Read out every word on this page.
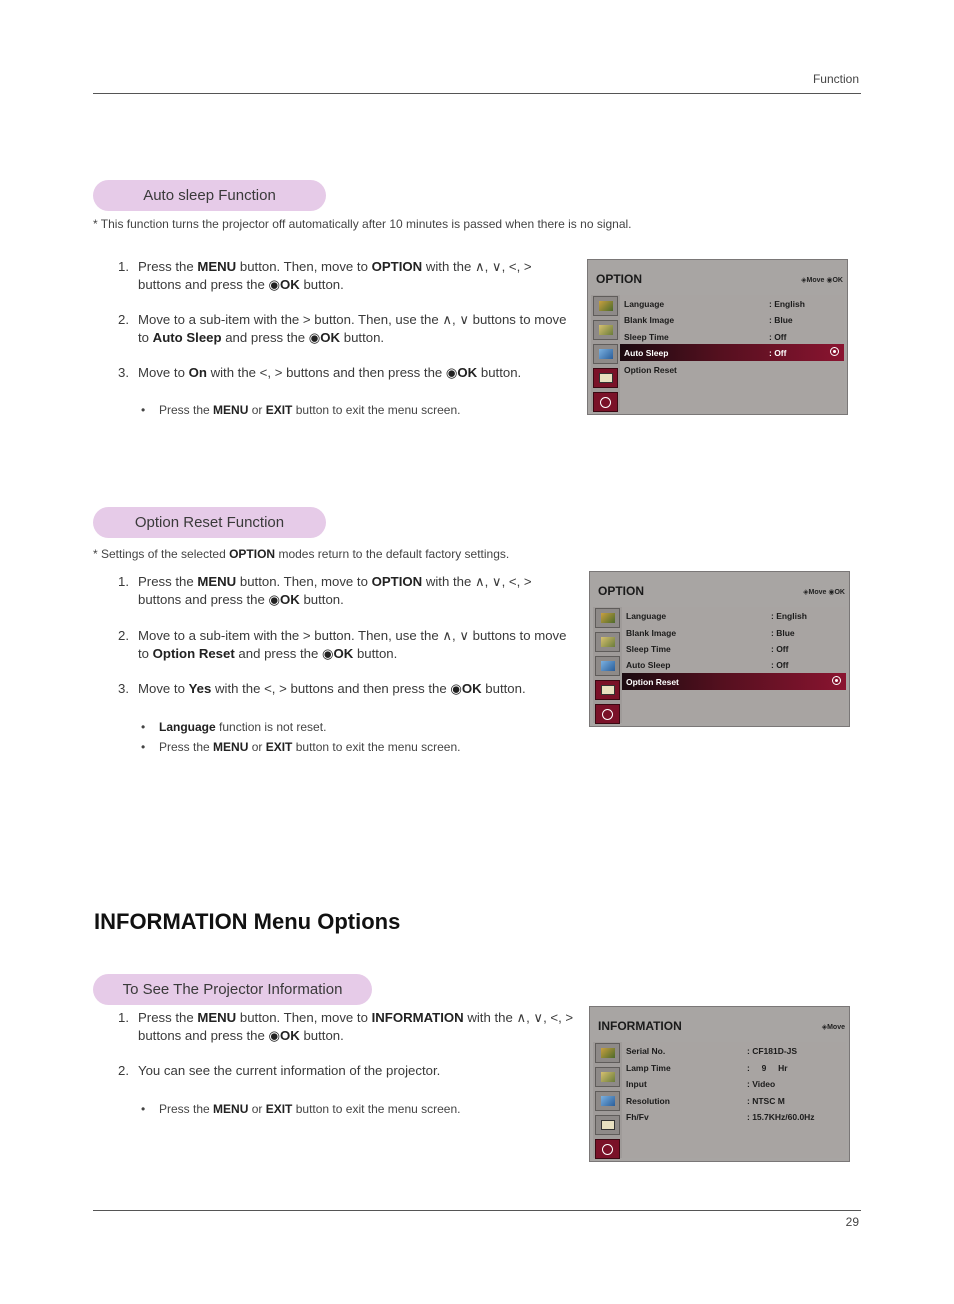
Function
Auto sleep Function
* This function turns the projector off automatically after 10 minutes is passed when there is no signal.
1. Press the MENU button. Then, move to OPTION with the ∧, ∨, <, > buttons and press the ◉OK button.
2. Move to a sub-item with the > button. Then, use the ∧, ∨ buttons to move to Auto Sleep and press the ◉OK button.
3. Move to On with the <, > buttons and then press the ◉OK button.
•	Press the MENU or EXIT button to exit the menu screen.
OPTION	◈Move ◉OK
Language	: English
Blank Image	: Blue
Sleep Time	: Off
Auto Sleep	: Off
Option Reset
Option Reset Function
* Settings of the selected OPTION modes return to the default factory settings.
1. Press the MENU button. Then, move to OPTION with the ∧, ∨, <, > buttons and press the ◉OK button.
2. Move to a sub-item with the > button. Then, use the ∧, ∨ buttons to move to Option Reset and press the ◉OK button.
3. Move to Yes with the <, > buttons and then press the ◉OK button.
•	Language function is not reset.
•	Press the MENU or EXIT button to exit the menu screen.
OPTION	◈Move ◉OK
Language	: English
Blank Image	: Blue
Sleep Time	: Off
Auto Sleep	: Off
Option Reset
INFORMATION Menu Options
To See The Projector Information
1. Press the MENU button. Then, move to INFORMATION with the ∧, ∨, <, > buttons and press the ◉OK button.
2. You can see the current information of the projector.
•	Press the MENU or EXIT button to exit the menu screen.
INFORMATION	◈Move
Serial No.	: CF181D-JS
Lamp Time	:     9     Hr
Input	: Video
Resolution	: NTSC M
Fh/Fv	: 15.7KHz/60.0Hz
29
